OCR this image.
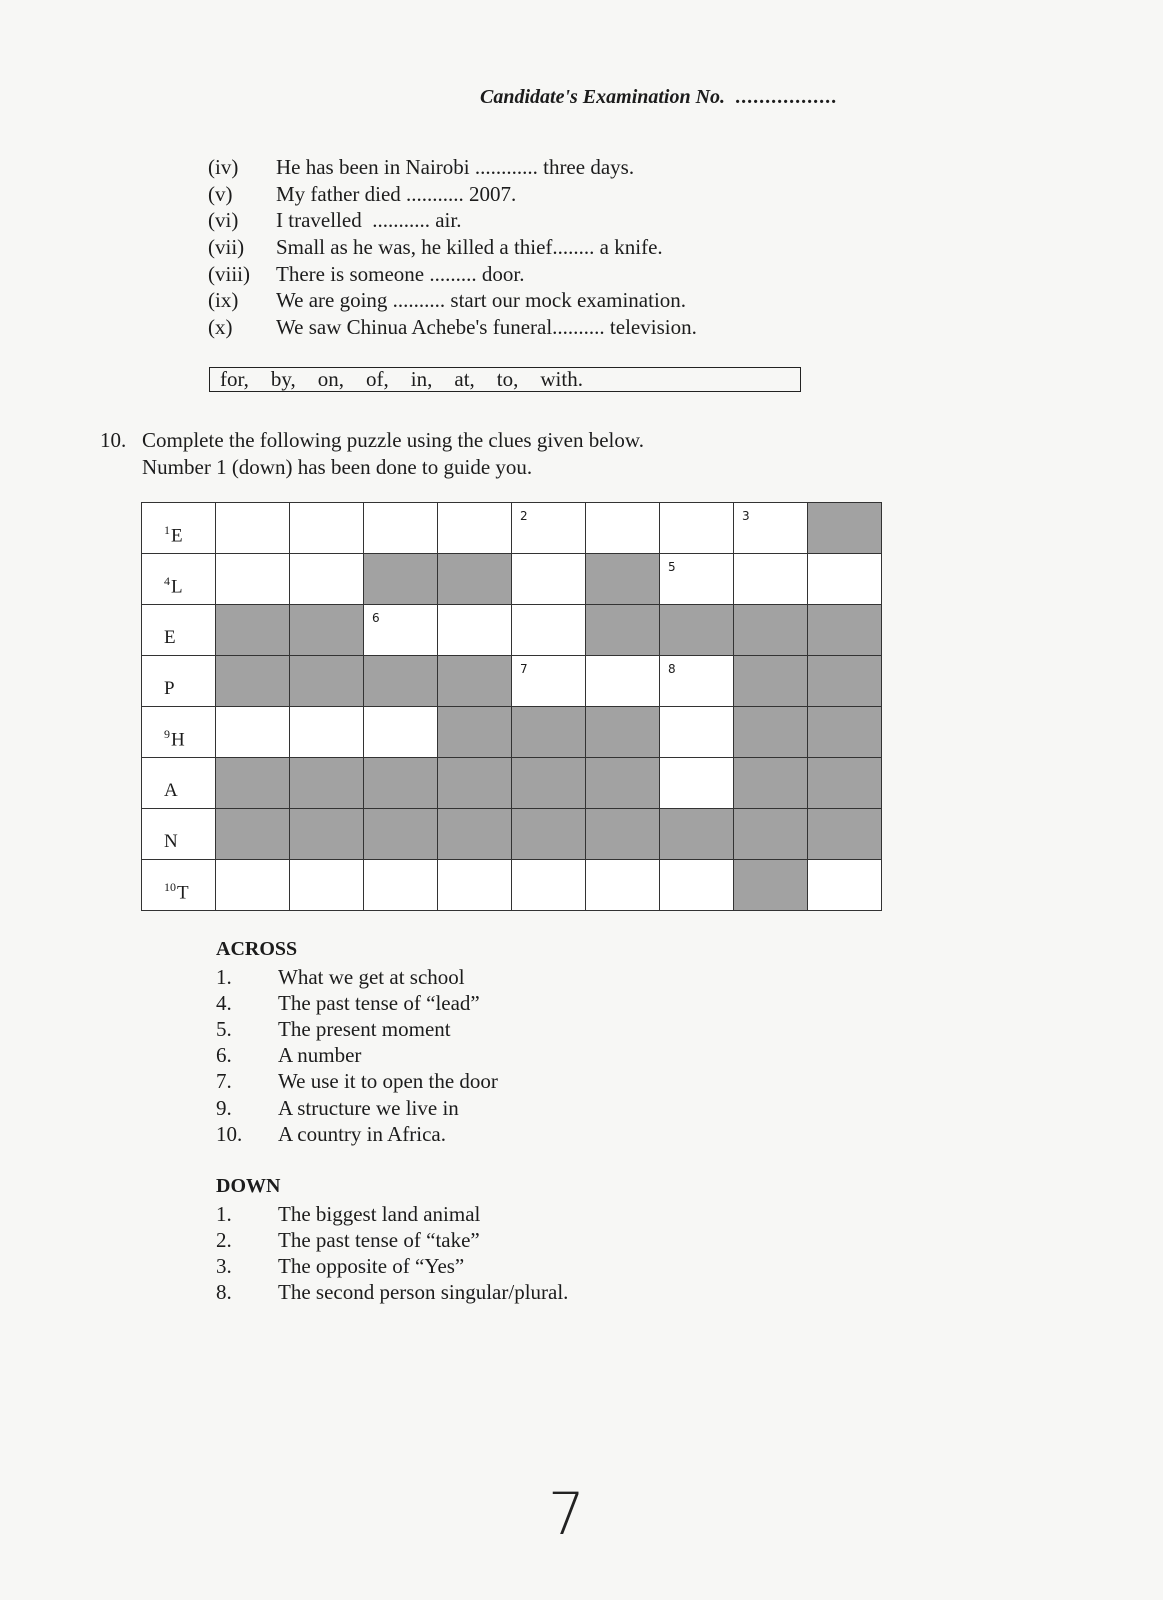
Candidate's Examination No. .................
(iv)	He has been in Nairobi ............ three days.
(v)	My father died ........... 2007.
(vi)	I travelled  ........... air.
(vii)	Small as he was, he killed a thief........ a knife.
(viii)	There is someone ......... door.
(ix)	We are going .......... start our mock examination.
(x)	We saw Chinua Achebe's funeral.......... television.
for, by, on, of, in, at, to, with.
10. Complete the following puzzle using the clues given below.
Number 1 (down) has been done to guide you.
$^1$E					2			3	

$^4$L							5		

E			6						

P					7		8		

$^9$H									

A									

N									

$^{10}$T									

ACROSS
1.	What we get at school
4.	The past tense of “lead”
5.	The present moment
6.	A number
7.	We use it to open the door
9.	A structure we live in
10.	A country in Africa.
DOWN
1.	The biggest land animal
2.	The past tense of “take”
3.	The opposite of “Yes”
8.	The second person singular/plural.
7
